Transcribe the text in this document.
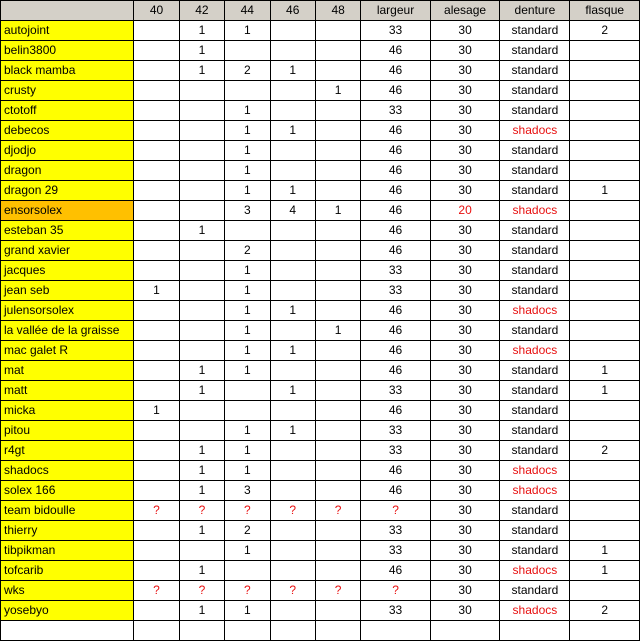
	40	42	44	46	48	largeur	alesage	denture	flasque
autojoint		1	1			33	30	standard	2
belin3800		1				46	30	standard	
black mamba		1	2	1		46	30	standard	
crusty					1	46	30	standard	
ctotoff			1			33	30	standard	
debecos			1	1		46	30	shadocs	
djodjo			1			46	30	standard	
dragon			1			46	30	standard	
dragon 29			1	1		46	30	standard	1
ensorsolex			3	4	1	46	20	shadocs	
esteban 35		1				46	30	standard	
grand xavier			2			46	30	standard	
jacques			1			33	30	standard	
jean seb	1		1			33	30	standard	
julensorsolex			1	1		46	30	shadocs	
la vallée de la graisse			1		1	46	30	standard	
mac galet R			1	1		46	30	shadocs	
mat		1	1			46	30	standard	1
matt		1		1		33	30	standard	1
micka	1					46	30	standard	
pitou			1	1		33	30	standard	
r4gt		1	1			33	30	standard	2
shadocs		1	1			46	30	shadocs	
solex 166		1	3			46	30	shadocs	
team bidoulle	?	?	?	?	?	?	30	standard	
thierry		1	2			33	30	standard	
tibpikman			1			33	30	standard	1
tofcarib		1				46	30	shadocs	1
wks	?	?	?	?	?	?	30	standard	
yosebyo		1	1			33	30	shadocs	2
